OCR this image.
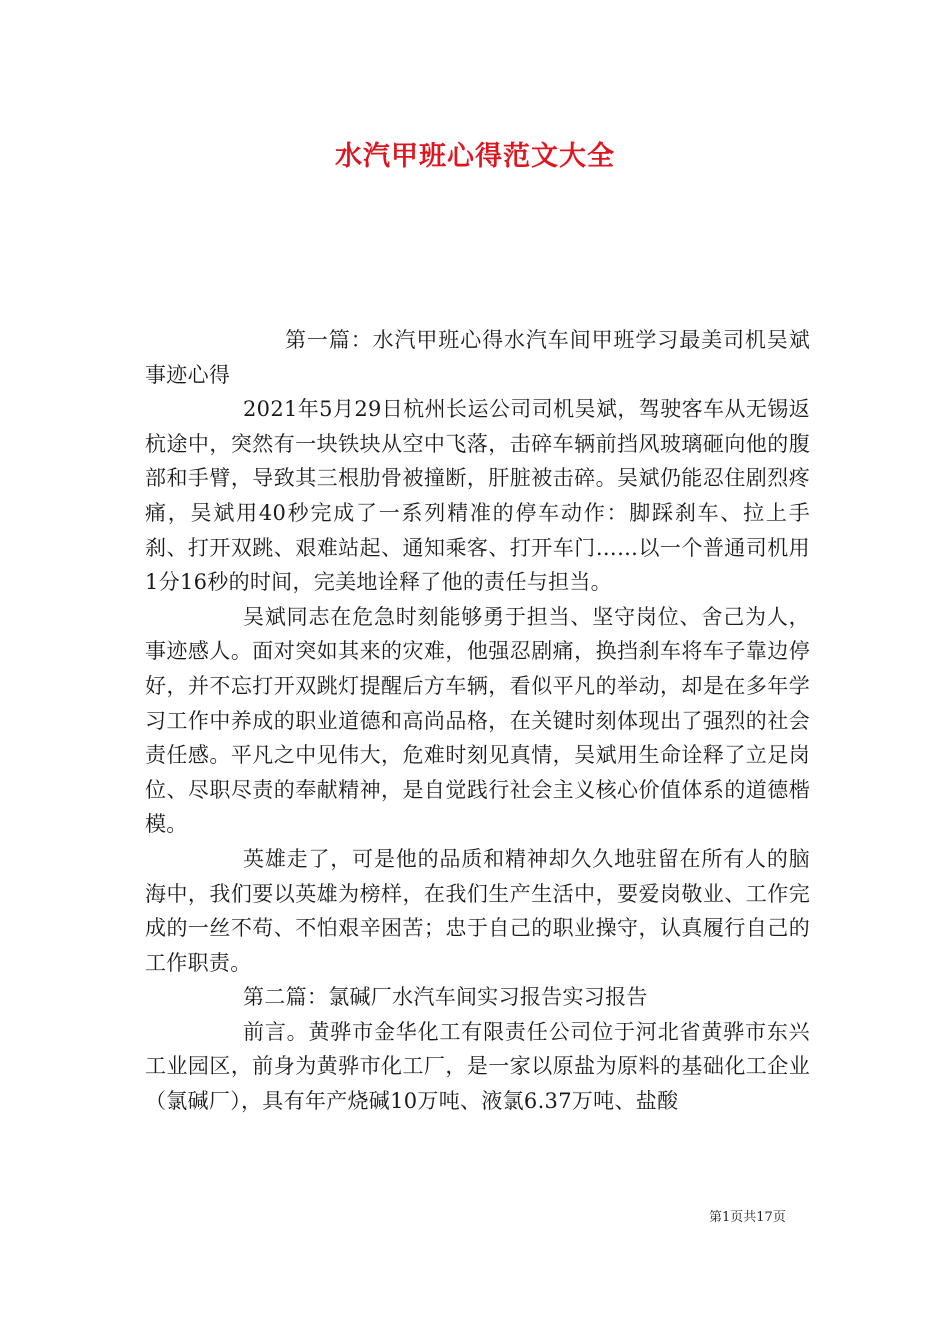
水汽甲班心得范文大全

第一篇：水汽甲班心得水汽车间甲班学习最美司机吴斌事迹心得

2021年5月29日杭州长运公司司机吴斌，驾驶客车从无锡返杭途中，突然有一块铁块从空中飞落，击碎车辆前挡风玻璃砸向他的腹部和手臂，导致其三根肋骨被撞断，肝脏被击碎。吴斌仍能忍住剧烈疼痛，吴斌用40秒完成了一系列精准的停车动作：脚踩刹车、拉上手刹、打开双跳、艰难站起、通知乘客、打开车门……以一个普通司机用1分16秒的时间，完美地诠释了他的责任与担当。

吴斌同志在危急时刻能够勇于担当、坚守岗位、舍己为人，事迹感人。面对突如其来的灾难，他强忍剧痛，换挡刹车将车子靠边停好，并不忘打开双跳灯提醒后方车辆，看似平凡的举动，却是在多年学习工作中养成的职业道德和高尚品格，在关键时刻体现出了强烈的社会责任感。平凡之中见伟大，危难时刻见真情，吴斌用生命诠释了立足岗位、尽职尽责的奉献精神，是自觉践行社会主义核心价值体系的道德楷模。

英雄走了，可是他的品质和精神却久久地驻留在所有人的脑海中，我们要以英雄为榜样，在我们生产生活中，要爱岗敬业、工作完成的一丝不苟、不怕艰辛困苦；忠于自己的职业操守，认真履行自己的工作职责。

第二篇：氯碱厂水汽车间实习报告实习报告

前言。黄骅市金华化工有限责任公司位于河北省黄骅市东兴工业园区，前身为黄骅市化工厂，是一家以原盐为原料的基础化工企业（氯碱厂），具有年产烧碱10万吨、液氯6.37万吨、盐酸

第1页共17页
